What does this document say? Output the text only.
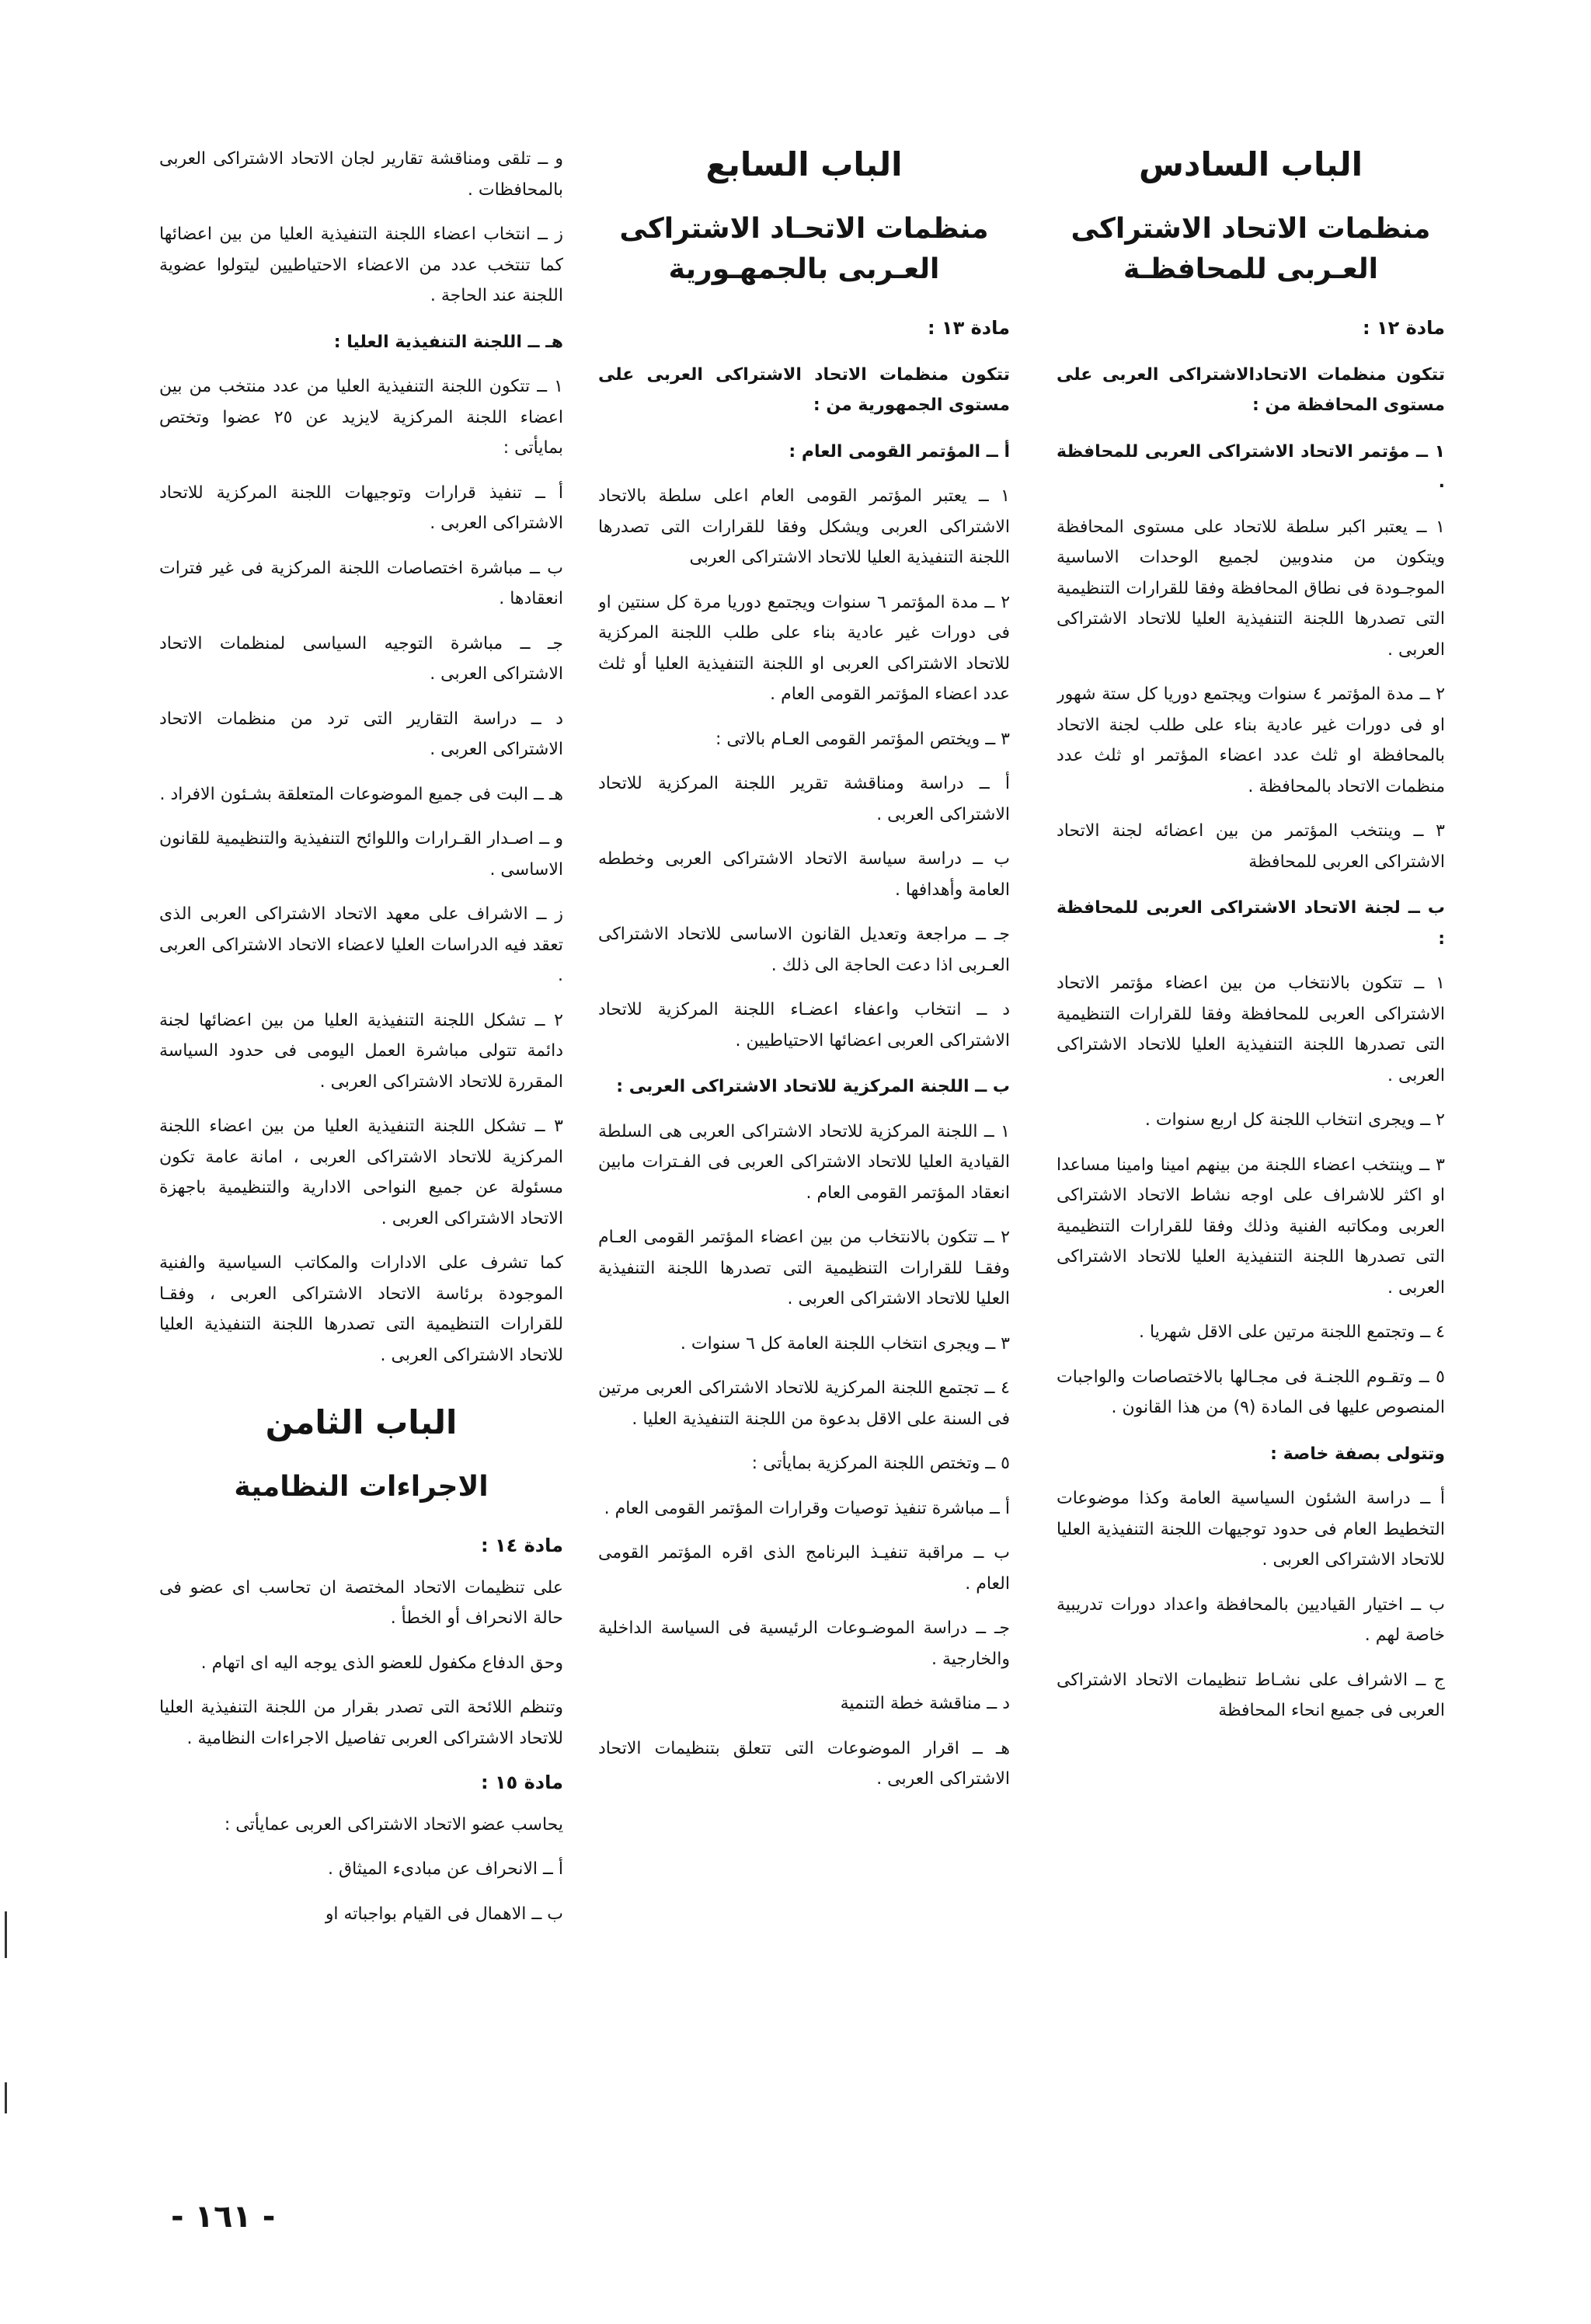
الباب السادس
منظمات الاتحاد الاشتراكى العـربى للمحافظـة
مادة ١٢ :
تتكون منظمات الاتحادالاشتراكى العربى على مستوى المحافظة من :
١ ــ مؤتمر الاتحاد الاشتراكى العربى للمحافظة .
١ ــ يعتبر اكبر سلطة للاتحاد على مستوى المحافظة ويتكون من مندوبين لجميع الوحدات الاساسية الموجـودة فى نطاق المحافظة وفقا للقرارات التنظيمية التى تصدرها اللجنة التنفيذية العليا للاتحاد الاشتراكى العربى .
٢ ــ مدة المؤتمر ٤ سنوات ويجتمع دوريا كل ستة شهور او فى دورات غير عادية بناء على طلب لجنة الاتحاد بالمحافظة او ثلث عدد اعضاء المؤتمر او ثلث عدد منظمات الاتحاد بالمحافظة .
٣ ــ وينتخب المؤتمر من بين اعضائه لجنة الاتحاد الاشتراكى العربى للمحافظة
ب ــ لجنة الاتحاد الاشتراكى العربى للمحافظة :
١ ــ تتكون بالانتخاب من بين اعضاء مؤتمر الاتحاد الاشتراكى العربى للمحافظة وفقا للقرارات التنظيمية التى تصدرها اللجنة التنفيذية العليا للاتحاد الاشتراكى العربى .
٢ ــ ويجرى انتخاب اللجنة كل اربع سنوات .
٣ ــ وينتخب اعضاء اللجنة من بينهم امينا وامينا مساعدا او اكثر للاشراف على اوجه نشاط الاتحاد الاشتراكى العربى ومكاتبه الفنية وذلك وفقا للقرارات التنظيمية التى تصدرها اللجنة التنفيذية العليا للاتحاد الاشتراكى العربى .
٤ ــ وتجتمع اللجنة مرتين على الاقل شهريا .
٥ ــ وتقـوم اللجنـة فى مجـالها بالاختصاصات والواجبات المنصوص عليها فى المادة (٩) من هذا القانون .
وتتولى بصفة خاصة :
أ ــ دراسة الشئون السياسية العامة وكذا موضوعات التخطيط العام فى حدود توجيهات اللجنة التنفيذية العليا للاتحاد الاشتراكى العربى .
ب ــ اختيار القياديين بالمحافظة واعداد دورات تدريبية خاصة لهم .
ج ــ الاشراف على نشـاط تنظيمات الاتحاد الاشتراكى العربى فى جميع انحاء المحافظة
الباب السابع
منظمات الاتحـاد الاشتراكى العـربى بالجمهـورية
مادة ١٣ :
تتكون منظمات الاتحاد الاشتراكى العربى على مستوى الجمهورية من :
أ ــ المؤتمر القومى العام :
١ ــ يعتبر المؤتمر القومى العام اعلى سلطة بالاتحاد الاشتراكى العربى ويشكل وفقا للقرارات التى تصدرها اللجنة التنفيذية العليا للاتحاد الاشتراكى العربى
٢ ــ مدة المؤتمر ٦ سنوات ويجتمع دوريا مرة كل سنتين او فى دورات غير عادية بناء على طلب اللجنة المركزية للاتحاد الاشتراكى العربى او اللجنة التنفيذية العليا أو ثلث عدد اعضاء المؤتمر القومى العام .
٣ ــ ويختص المؤتمر القومى العـام بالاتى :
أ ــ دراسة ومناقشة تقرير اللجنة المركزية للاتحاد الاشتراكى العربى .
ب ــ دراسة سياسة الاتحاد الاشتراكى العربى وخططه العامة وأهدافها .
جـ ــ مراجعة وتعديل القانون الاساسى للاتحاد الاشتراكى العـربى اذا دعت الحاجة الى ذلك .
د ــ انتخاب واعفاء اعضـاء اللجنة المركزية للاتحاد الاشتراكى العربى اعضائها الاحتياطيين .
ب ــ اللجنة المركزية للاتحاد الاشتراكى العربى :
١ ــ اللجنة المركزية للاتحاد الاشتراكى العربى هى السلطة القيادية العليا للاتحاد الاشتراكى العربى فى الفـترات مابين انعقاد المؤتمر القومى العام .
٢ ــ تتكون بالانتخاب من بين اعضاء المؤتمر القومى العـام وفقـا للقرارات التنظيمية التى تصدرها اللجنة التنفيذية العليا للاتحاد الاشتراكى العربى .
٣ ــ ويجرى انتخاب اللجنة العامة كل ٦ سنوات .
٤ ــ تجتمع اللجنة المركزية للاتحاد الاشتراكى العربى مرتين فى السنة على الاقل بدعوة من اللجنة التنفيذية العليا .
٥ ــ وتختص اللجنة المركزية بمايأتى :
أ ــ مباشرة تنفيذ توصيات وقرارات المؤتمر القومى العام .
ب ــ مراقبة تنفيـذ البرنامج الذى اقره المؤتمر القومى العام .
جـ ــ دراسة الموضـوعات الرئيسية فى السياسة الداخلية والخارجية .
د ــ مناقشة خطة التنمية
هـ ــ اقرار الموضوعات التى تتعلق بتنظيمات الاتحاد الاشتراكى العربى .
و ــ تلقى ومناقشة تقارير لجان الاتحاد الاشتراكى العربى بالمحافظات .
ز ــ انتخاب اعضاء اللجنة التنفيذية العليا من بين اعضائها كما تنتخب عدد من الاعضاء الاحتياطيين ليتولوا عضوية اللجنة عند الحاجة .
هـ ــ اللجنة التنفيذية العليا :
١ ــ تتكون اللجنة التنفيذية العليا من عدد منتخب من بين اعضاء اللجنة المركزية لايزيد عن ٢٥ عضوا وتختص بمايأتى :
أ ــ تنفيذ قرارات وتوجيهات اللجنة المركزية للاتحاد الاشتراكى العربى .
ب ــ مباشرة اختصاصات اللجنة المركزية فى غير فترات انعقادها .
جـ ــ مباشرة التوجيه السياسى لمنظمات الاتحاد الاشتراكى العربى .
د ــ دراسة التقارير التى ترد من منظمات الاتحاد الاشتراكى العربى .
هـ ــ البت فى جميع الموضوعات المتعلقة بشـئون الافراد .
و ــ اصـدار القـرارات واللوائح التنفيذية والتنظيمية للقانون الاساسى .
ز ــ الاشراف على معهد الاتحاد الاشتراكى العربى الذى تعقد فيه الدراسات العليا لاعضاء الاتحاد الاشتراكى العربى .
٢ ــ تشكل اللجنة التنفيذية العليا من بين اعضائها لجنة دائمة تتولى مباشرة العمل اليومى فى حدود السياسة المقررة للاتحاد الاشتراكى العربى .
٣ ــ تشكل اللجنة التنفيذية العليا من بين اعضاء اللجنة المركزية للاتحاد الاشتراكى العربى ، امانة عامة تكون مسئولة عن جميع النواحى الادارية والتنظيمية باجهزة الاتحاد الاشتراكى العربى .
كما تشرف على الادارات والمكاتب السياسية والفنية الموجودة برئاسة الاتحاد الاشتراكى العربى ، وفقـا للقرارات التنظيمية التى تصدرها اللجنة التنفيذية العليا للاتحاد الاشتراكى العربى .
الباب الثامن
الاجراءات النظامية
مادة ١٤ :
على تنظيمات الاتحاد المختصة ان تحاسب اى عضو فى حالة الانحراف أو الخطأ .
وحق الدفاع مكفول للعضو الذى يوجه اليه اى اتهام .
وتنظم اللائحة التى تصدر بقرار من اللجنة التنفيذية العليا للاتحاد الاشتراكى العربى تفاصيل الاجراءات النظامية .
مادة ١٥ :
يحاسب عضو الاتحاد الاشتراكى العربى عمايأتى :
أ ــ الانحراف عن مبادىء الميثاق .
ب ــ الاهمال فى القيام بواجباته او
- ١٦١ -
